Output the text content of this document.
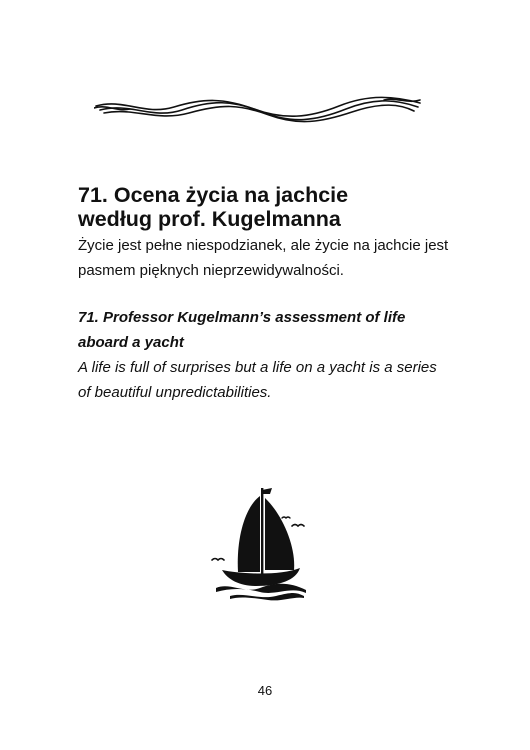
71. Ocena życia na jachcie
według prof. Kugelmanna
Życie jest pełne niespodzianek, ale życie na jachcie jest
pasmem pięknych nieprzewidywalności.
71. Professor Kugelmann’s assessment of life
aboard a yacht
A life is full of surprises but a life on a yacht is a series
of beautiful unpredictabilities.
46
